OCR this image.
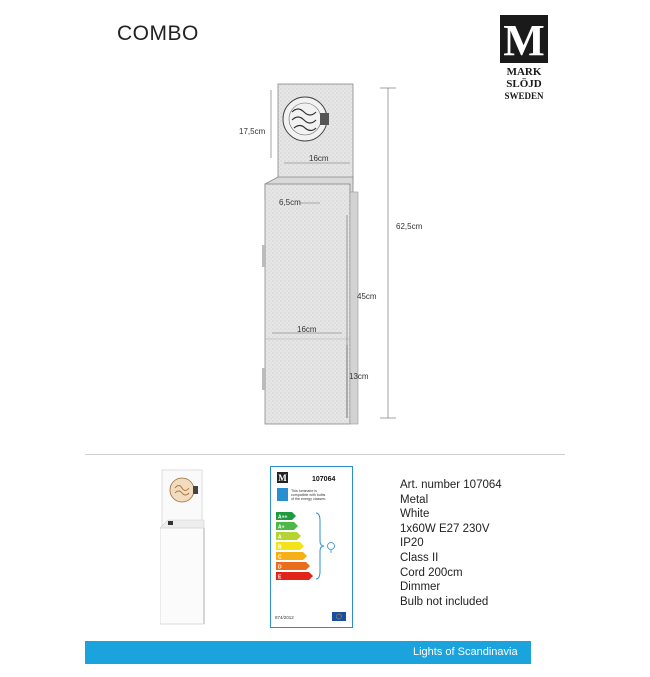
COMBO	M
MARK
SLÖJD
SWEDEN
17,5cm
16cm
62,5cm
6,5cm
45cm
16cm
13cm
M	107064
This luminaire is compatible with bulbs of the energy classes:
A++
A+
A
B
C
D
E
874/2012
Art. number 107064
Metal
White
1x60W E27 230V
IP20
Class II
Cord 200cm
Dimmer
Bulb not included
Lights of Scandinavia
